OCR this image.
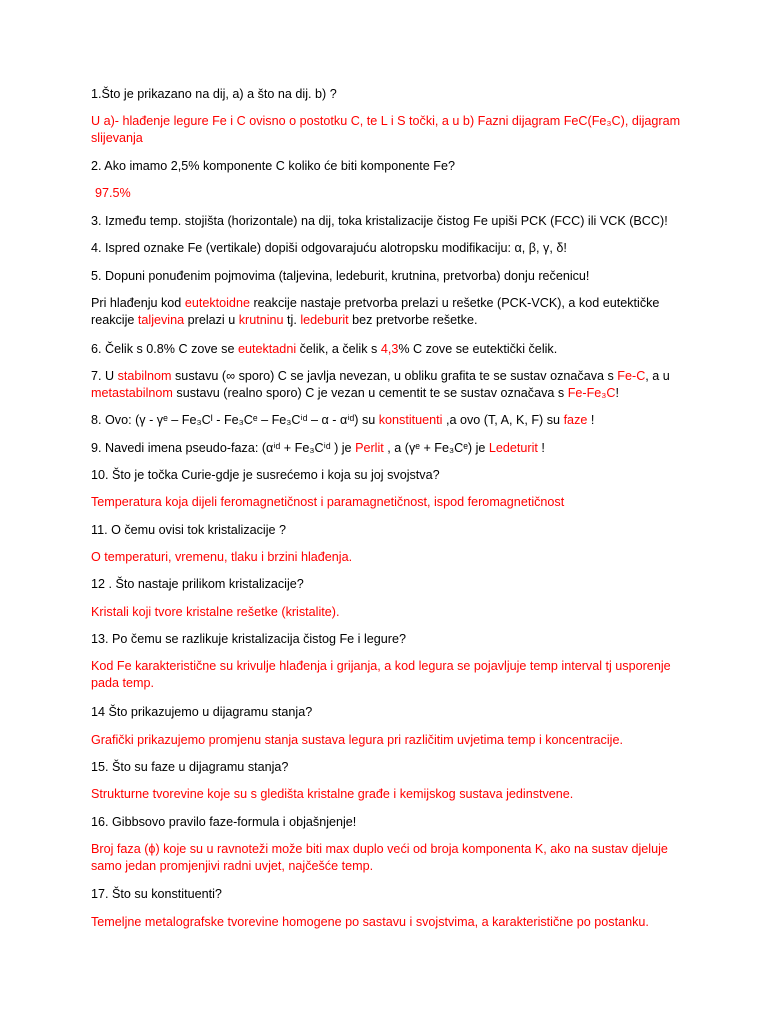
1.Što je prikazano na dij, a) a što na dij. b) ?

U a)- hlađenje legure Fe i C ovisno o postotku C, te L i S točki, a u b) Fazni dijagram FeC(Fe₃C), dijagram slijevanja

2. Ako imamo 2,5% komponente C koliko će biti komponente Fe?

97.5%

3. Između temp. stojišta (horizontale) na dij, toka kristalizacije čistog Fe upiši PCK (FCC) ili VCK (BCC)!

4. Ispred oznake Fe (vertikale) dopiši odgovarajuću alotropsku modifikaciju: α, β, γ, δ!

5. Dopuni ponuđenim pojmovima (taljevina, ledeburit, krutnina, pretvorba) donju rečenicu!

Pri hlađenju kod eutektoidne reakcije nastaje pretvorba prelazi u rešetke (PCK-VCK), a kod eutektičke reakcije taljevina prelazi u krutninu tj. ledeburit bez pretvorbe rešetke.

6. Čelik s 0.8% C zove se eutektadni čelik, a čelik s 4,3% C zove se eutektički čelik.

7. U stabilnom sustavu (∞ sporo) C se javlja nevezan, u obliku grafita te se sustav označava s Fe-C, a u metastabilnom sustavu (realno sporo) C je vezan u cementit te se sustav označava s Fe-Fe₃C!

8. Ovo: (γ - γᵉ – Fe₃Cᴵ - Fe₃Cᵉ – Fe₃Cⁱᵈ – α - αⁱᵈ) su konstituenti ,a ovo (T, A, K, F) su faze !

9. Navedi imena pseudo-faza: (αⁱᵈ + Fe₃Cⁱᵈ ) je Perlit , a (γᵉ + Fe₃Cᵉ) je Ledeturit !

10. Što je točka Curie-gdje je susrećemo i koja su joj svojstva?

Temperatura koja dijeli feromagnetičnost i paramagnetičnost, ispod feromagnetičnost

11. O čemu ovisi tok kristalizacije ?

O temperaturi, vremenu, tlaku i brzini hlađenja.

12 . Što nastaje prilikom kristalizacije?

Kristali koji tvore kristalne rešetke (kristalite).

13. Po čemu se razlikuje kristalizacija čistog Fe i legure?

Kod Fe karakteristične su krivulje hlađenja i grijanja, a kod legura se pojavljuje temp interval tj usporenje pada temp.

14 Što prikazujemo u dijagramu stanja?

Grafički prikazujemo promjenu stanja sustava legura pri različitim uvjetima temp i koncentracije.

15. Što su faze u dijagramu stanja?

Strukturne tvorevine koje su s gledišta kristalne građe i kemijskog sustava jedinstvene.

16. Gibbsovo pravilo faze-formula i objašnjenje!

Broj faza (ϕ) koje su u ravnoteži može biti max duplo veći od broja komponenta K, ako na sustav djeluje samo jedan promjenjivi radni uvjet, najčešće temp.

17. Što su konstituenti?

Temeljne metalografske tvorevine homogene po sastavu i svojstvima, a karakteristične po postanku.
